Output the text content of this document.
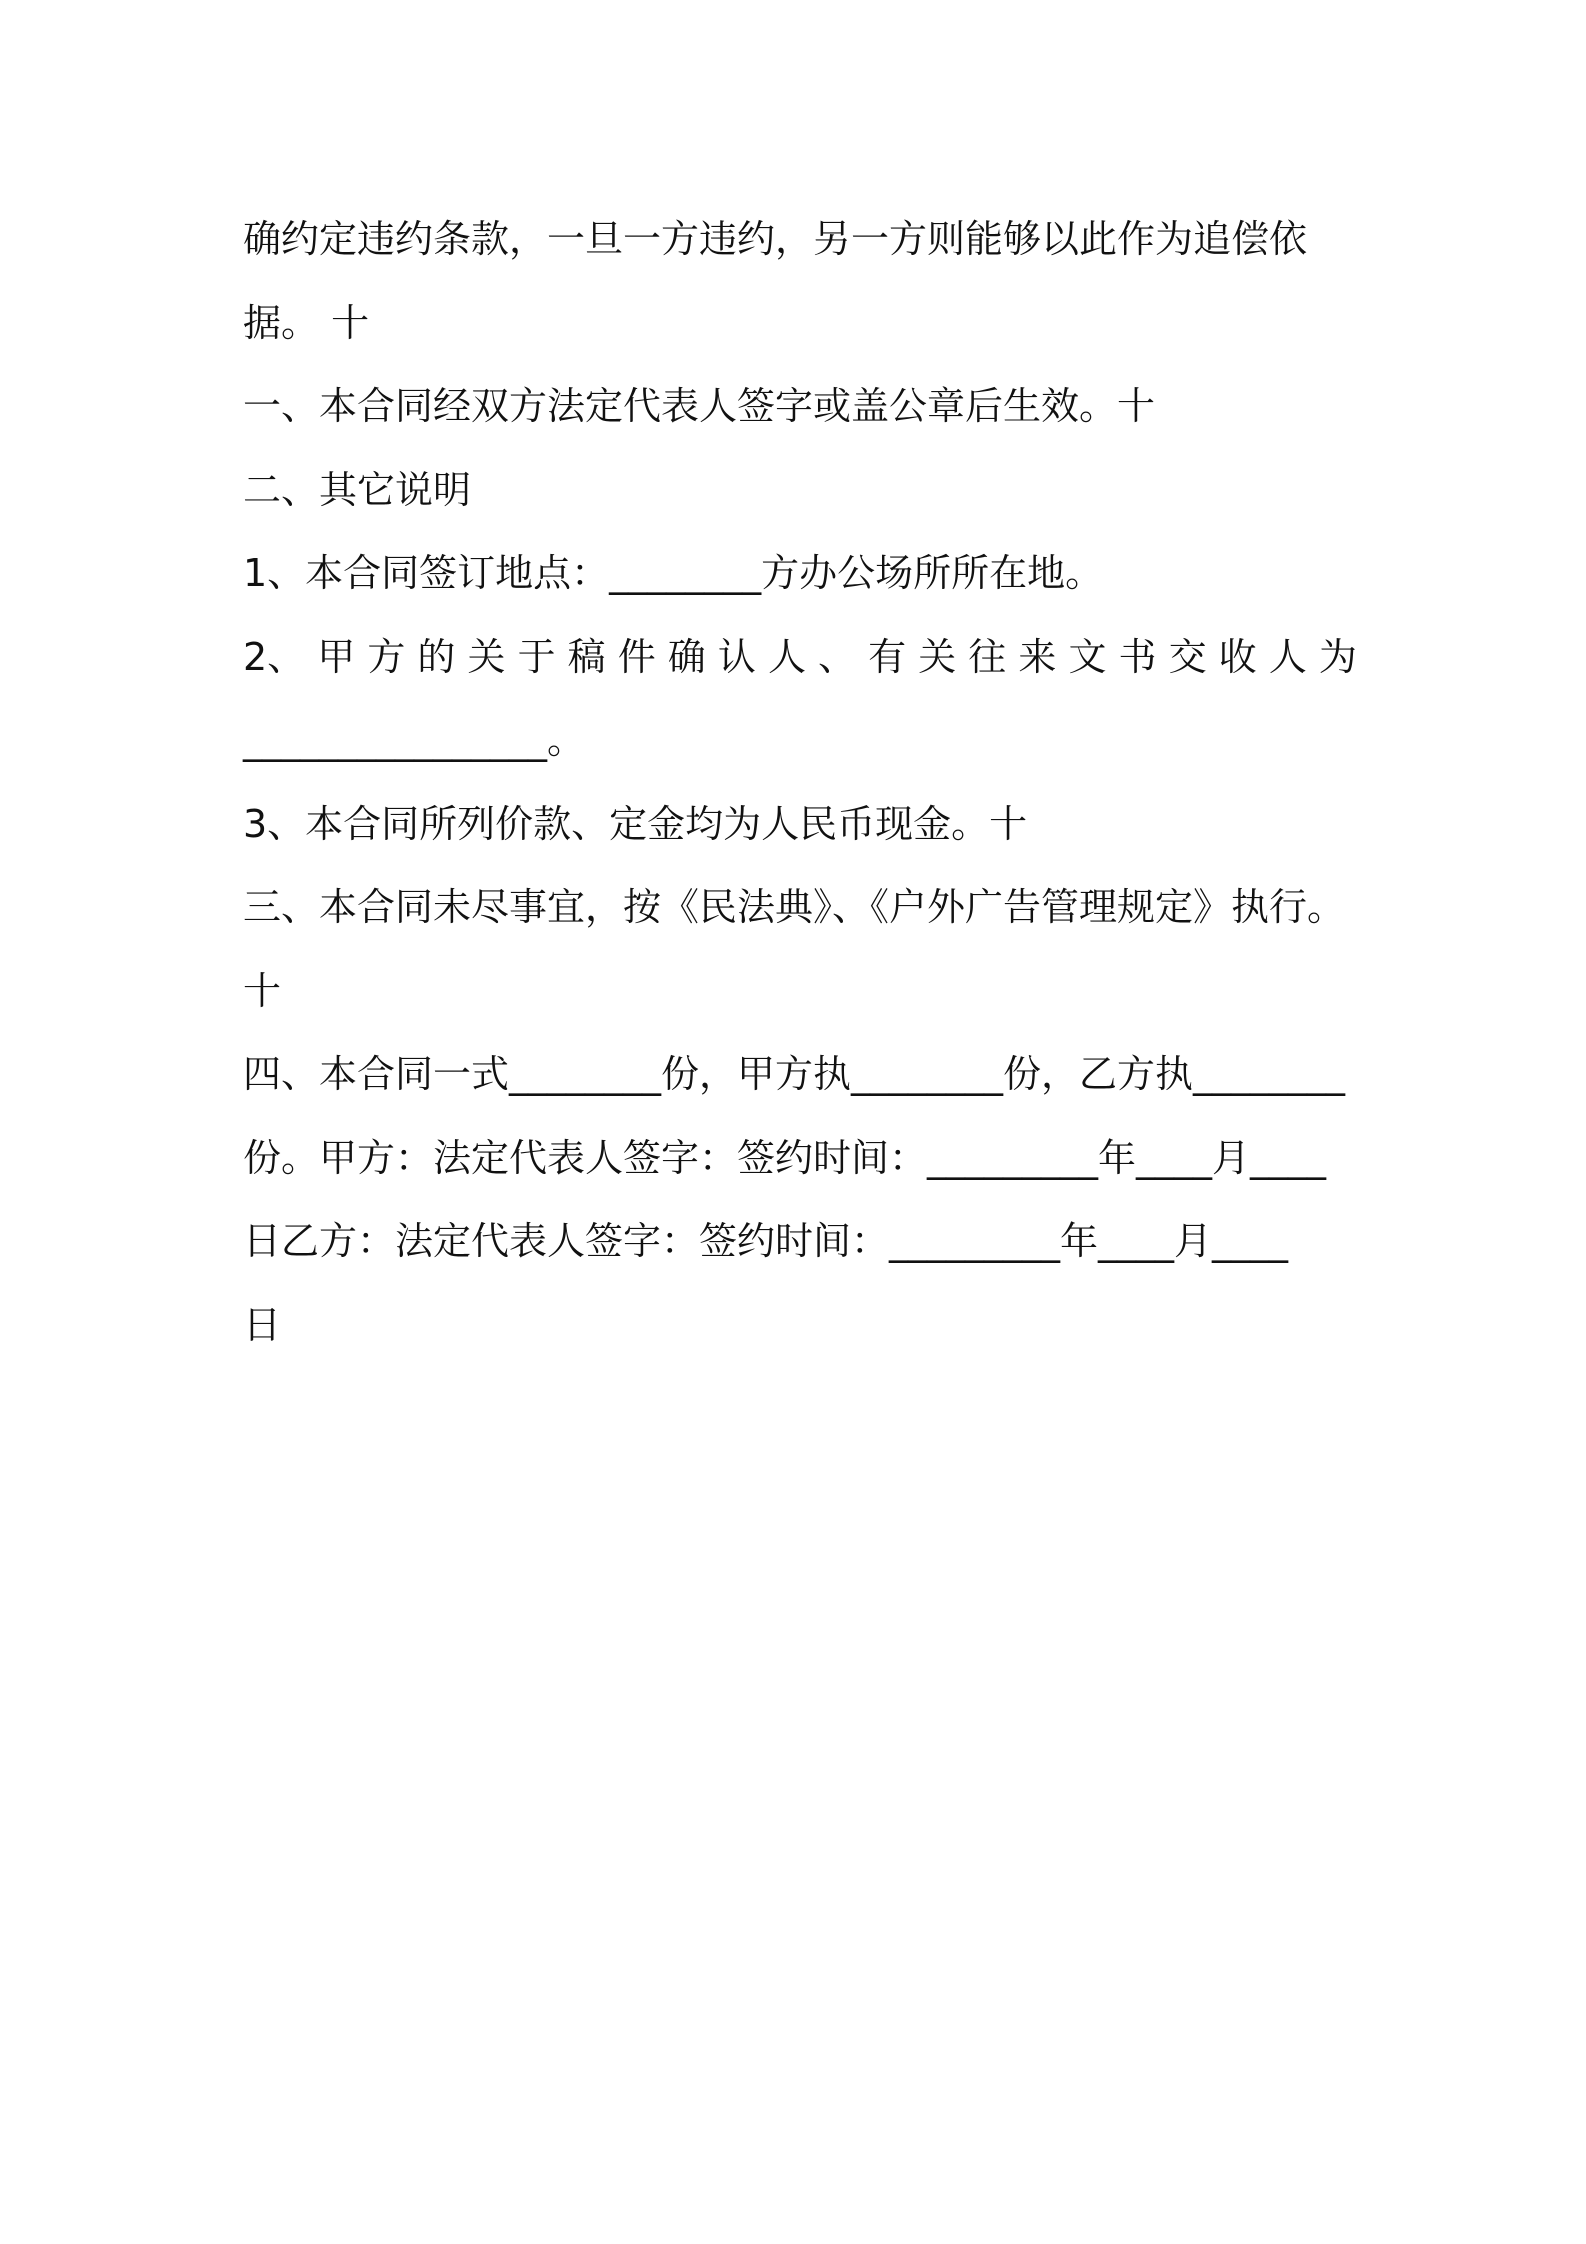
确约定违约条款，一旦一方违约，另一方则能够以此作为追偿依
据。 十
一、本合同经双方法定代表人签字或盖公章后生效。十
二、其它说明
1、本合同签订地点：________方办公场所所在地。
2、 甲 方 的 关 于 稿 件 确 认 人 、 有 关 往 来 文 书 交 收 人 为
________________。
3、本合同所列价款、定金均为人民币现金。十
三、本合同未尽事宜，按《民法典》、《户外广告管理规定》执行。
十
四、本合同一式________份，甲方执________份，乙方执________
份。甲方：法定代表人签字：签约时间：_________年____月____
日乙方：法定代表人签字：签约时间：_________年____月____
日
